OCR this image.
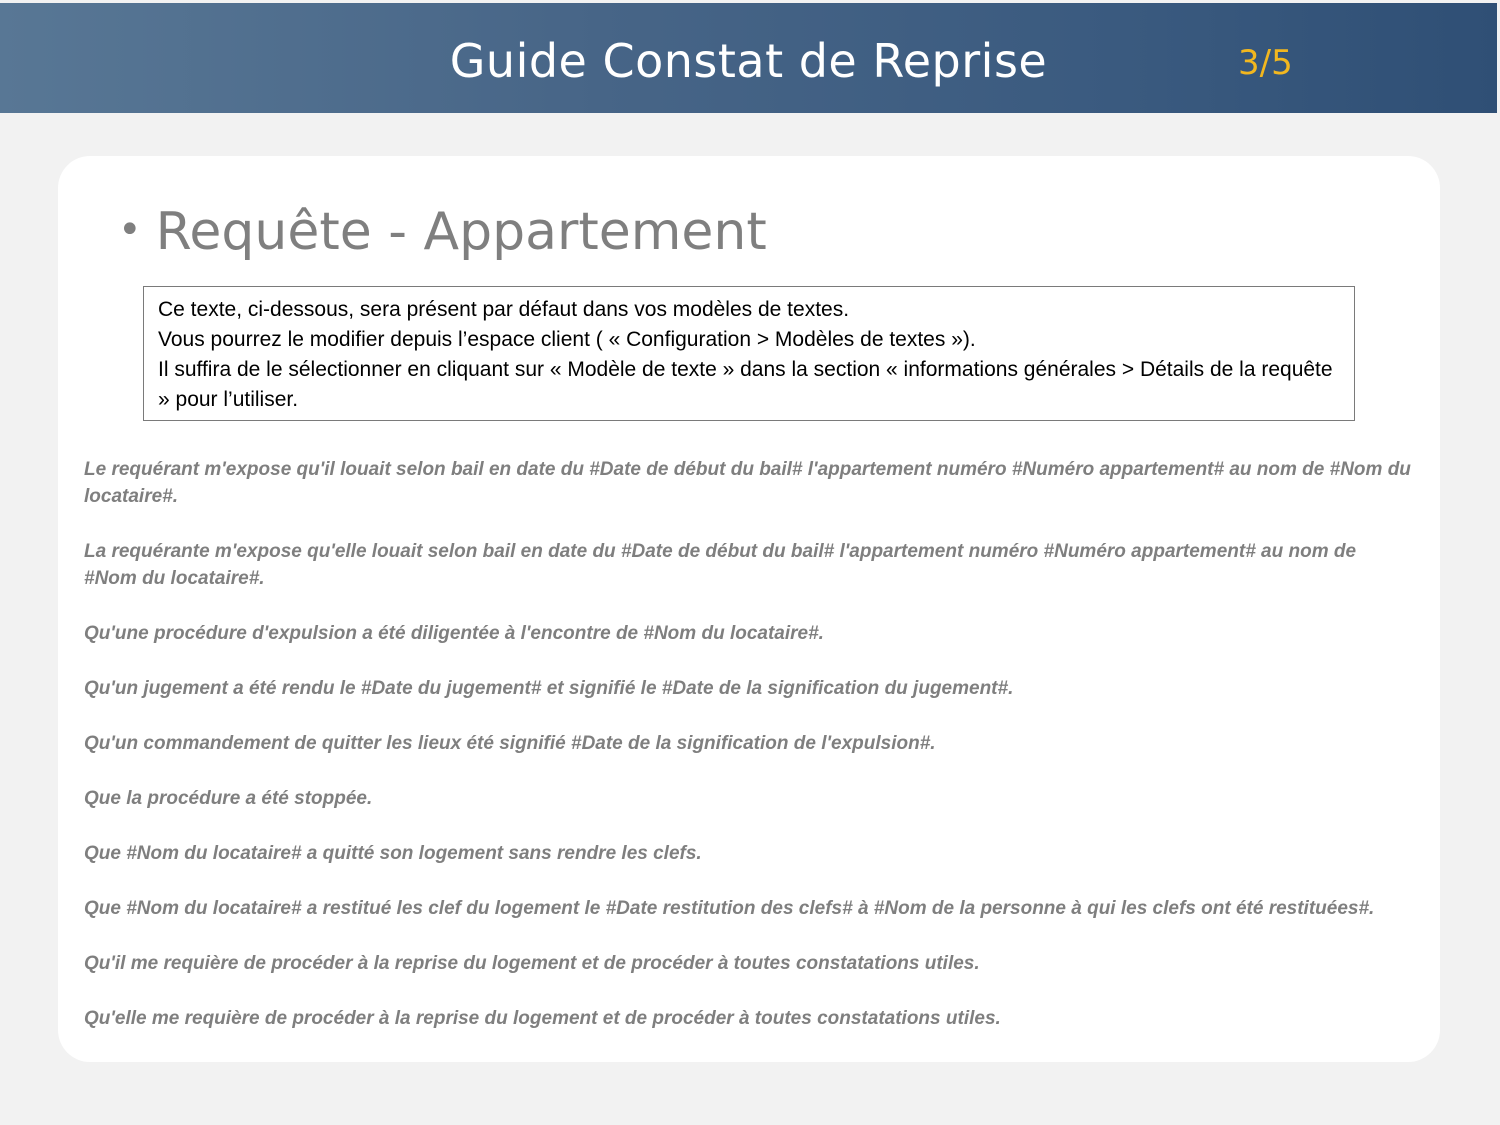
Guide Constat de Reprise	3/5
• Requête - Appartement

Ce texte, ci-dessous, sera présent par défaut dans vos modèles de textes.

Vous pourrez le modifier depuis l’espace client ( « Configuration > Modèles de textes »).

Il suffira de le sélectionner en cliquant sur « Modèle de texte » dans la section « informations générales > Détails de la requête » pour l’utiliser.

Le requérant m'expose qu'il louait selon bail en date du #Date de début du bail# l'appartement numéro #Numéro appartement# au nom de #Nom du locataire#.

La requérante m'expose qu'elle louait selon bail en date du #Date de début du bail# l'appartement numéro #Numéro appartement# au nom de #Nom du locataire#.

Qu'une procédure d'expulsion a été diligentée à l'encontre de #Nom du locataire#.

Qu'un jugement a été rendu le #Date du jugement# et signifié le #Date de la signification du jugement#.

Qu'un commandement de quitter les lieux été signifié #Date de la signification de l'expulsion#.

Que la procédure a été stoppée.

Que #Nom du locataire# a quitté son logement sans rendre les clefs.

Que #Nom du locataire# a restitué les clef du logement le #Date restitution des clefs# à #Nom de la personne à qui les clefs ont été restituées#.

Qu'il me requière de procéder à la reprise du logement et de procéder à toutes constatations utiles.

Qu'elle me requière de procéder à la reprise du logement et de procéder à toutes constatations utiles.
